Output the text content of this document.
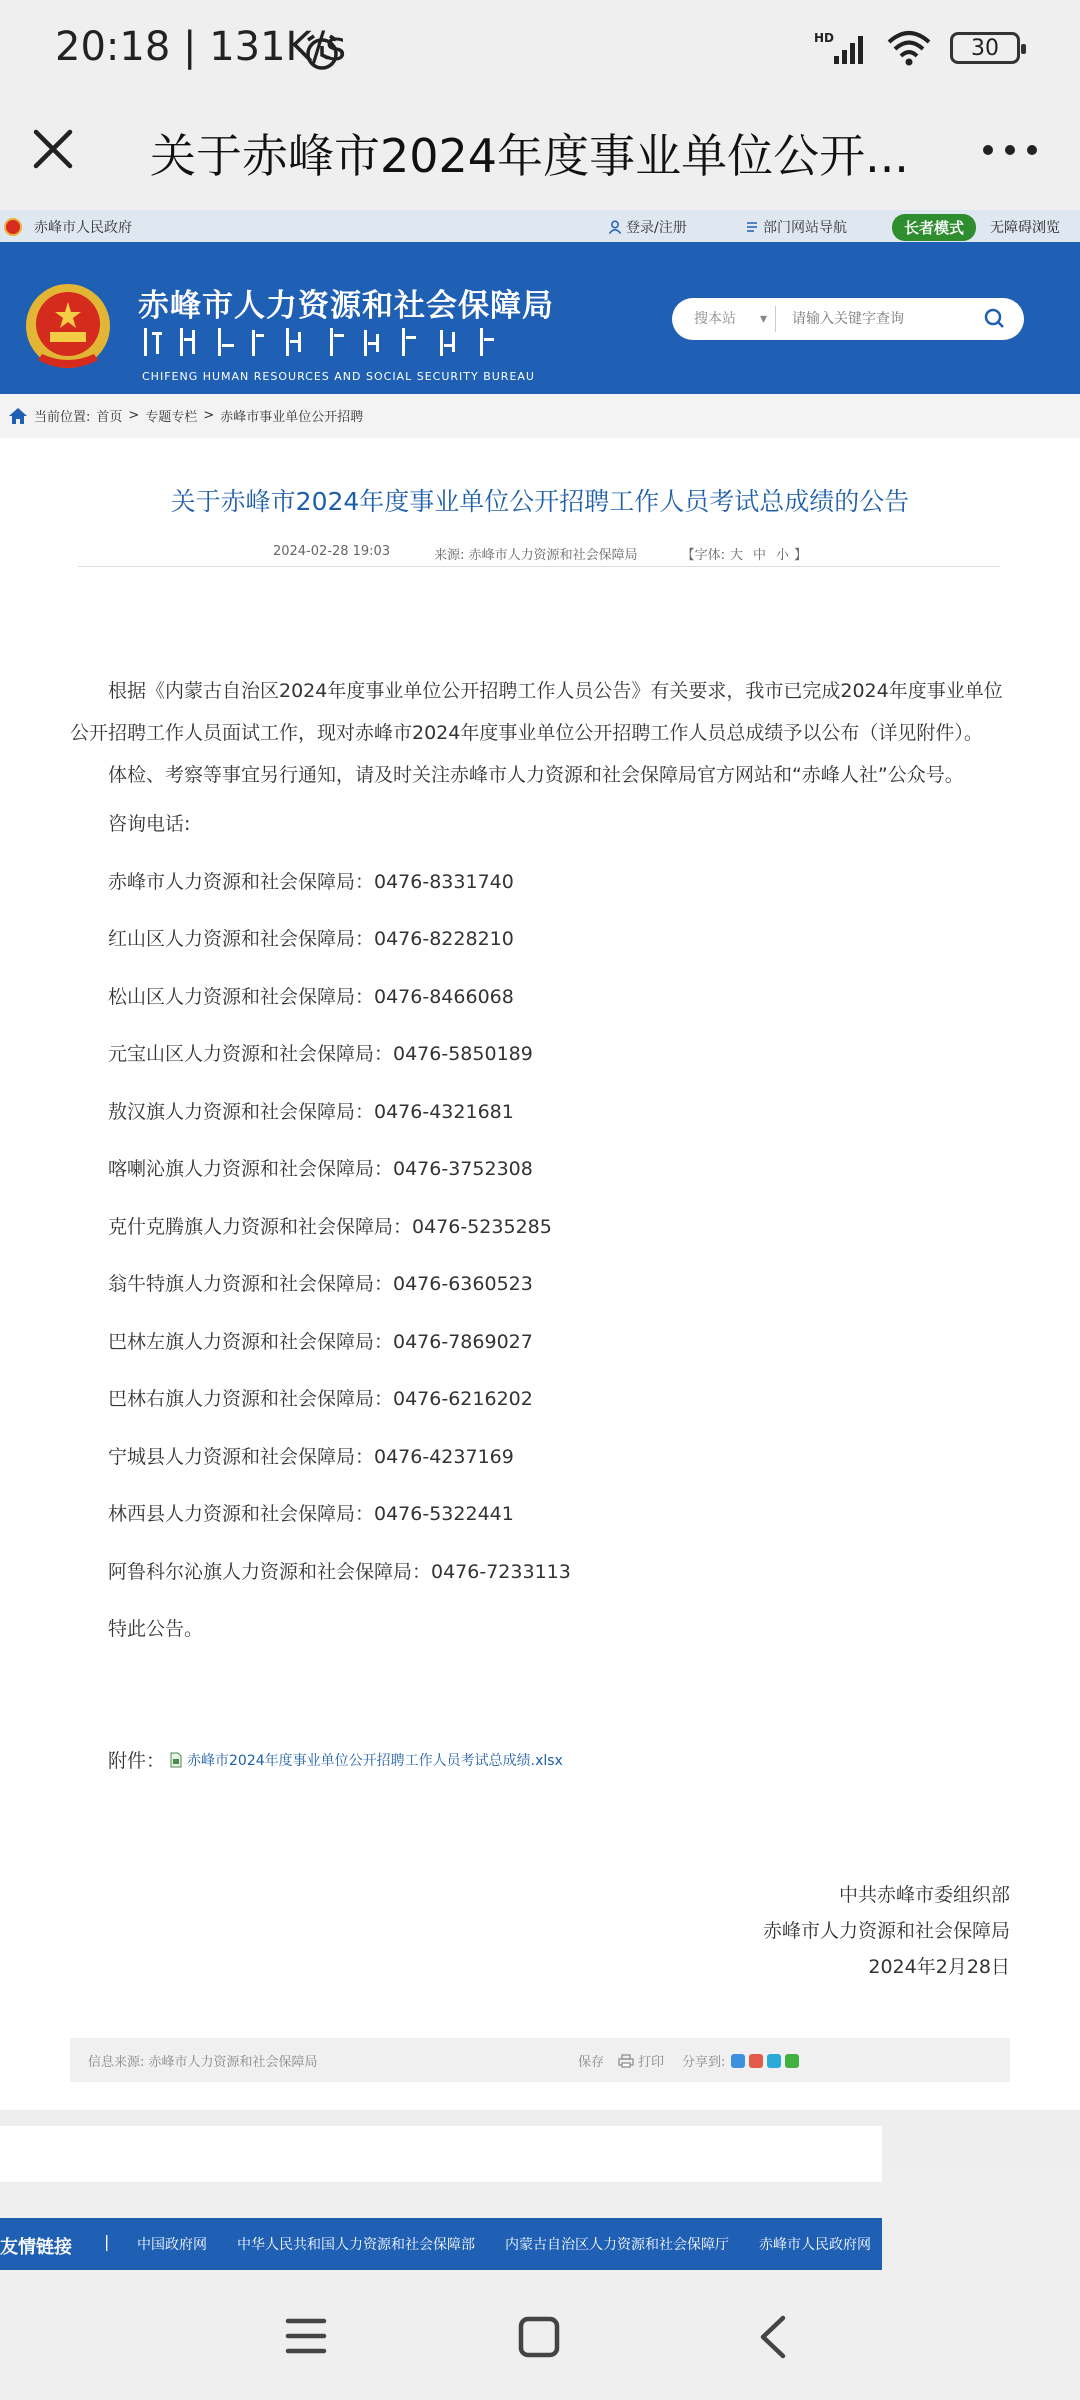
20:18 | 131K/s	HD	30
关于赤峰市2024年度事业单位公开...
赤峰市人民政府	登录/注册	部门网站导航	长者模式	无障碍浏览
赤峰市人力资源和社会保障局
CHIFENG HUMAN RESOURCES AND SOCIAL SECURITY BUREAU
搜本站 ▾
请输入关键字查询
当前位置: 首页 > 专题专栏 > 赤峰市事业单位公开招聘
关于赤峰市2024年度事业单位公开招聘工作人员考试总成绩的公告
2024-02-28 19:03	来源: 赤峰市人力资源和社会保障局	【字体: 大 中 小 】

根据《内蒙古自治区2024年度事业单位公开招聘工作人员公告》有关要求，我市已完成2024年度事业单位公开招聘工作人员面试工作，现对赤峰市2024年度事业单位公开招聘工作人员总成绩予以公布（详见附件）。

体检、考察等事宜另行通知，请及时关注赤峰市人力资源和社会保障局官方网站和“赤峰人社”公众号。

咨询电话:
赤峰市人力资源和社会保障局：0476-8331740
红山区人力资源和社会保障局：0476-8228210
松山区人力资源和社会保障局：0476-8466068
元宝山区人力资源和社会保障局：0476-5850189
敖汉旗人力资源和社会保障局：0476-4321681
喀喇沁旗人力资源和社会保障局：0476-3752308
克什克腾旗人力资源和社会保障局：0476-5235285
翁牛特旗人力资源和社会保障局：0476-6360523
巴林左旗人力资源和社会保障局：0476-7869027
巴林右旗人力资源和社会保障局：0476-6216202
宁城县人力资源和社会保障局：0476-4237169
林西县人力资源和社会保障局：0476-5322441
阿鲁科尔沁旗人力资源和社会保障局：0476-7233113
特此公告。
附件： 赤峰市2024年度事业单位公开招聘工作人员考试总成绩.xlsx
中共赤峰市委组织部
赤峰市人力资源和社会保障局
2024年2月28日
信息来源: 赤峰市人力资源和社会保障局	保存	打印 分享到:
友情链接 | 中国政府网 中华人民共和国人力资源和社会保障部 内蒙古自治区人力资源和社会保障厅 赤峰市人民政府网
